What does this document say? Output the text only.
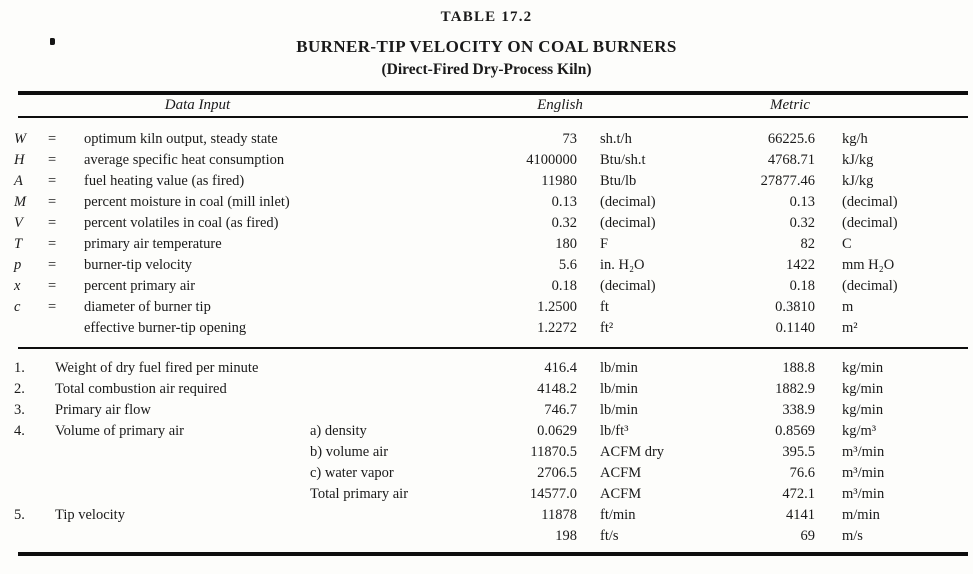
TABLE 17.2
BURNER-TIP VELOCITY ON COAL BURNERS
(Direct-Fired Dry-Process Kiln)
Data Input	English	Metric
W	=	optimum kiln output, steady state	73	sh.t/h	66225.6	kg/h
H	=	average specific heat consumption	4100000	Btu/sh.t	4768.71	kJ/kg
A	=	fuel heating value (as fired)	11980	Btu/lb	27877.46	kJ/kg
M	=	percent moisture in coal (mill inlet)	0.13	(decimal)	0.13	(decimal)
V	=	percent volatiles in coal (as fired)	0.32	(decimal)	0.32	(decimal)
T	=	primary air temperature	180	F	82	C
p	=	burner-tip velocity	5.6	in. H₂O	1422	mm H₂O
x	=	percent primary air	0.18	(decimal)	0.18	(decimal)
c	=	diameter of burner tip	1.2500	ft	0.3810	m
effective burner-tip opening	1.2272	ft²	0.1140	m²
1.	Weight of dry fuel fired per minute	416.4	lb/min	188.8	kg/min
2.	Total combustion air required	4148.2	lb/min	1882.9	kg/min
3.	Primary air flow	746.7	lb/min	338.9	kg/min
4.	Volume of primary air	a) density	0.0629	lb/ft³	0.8569	kg/m³
b) volume air	11870.5	ACFM dry	395.5	m³/min
c) water vapor	2706.5	ACFM	76.6	m³/min
Total primary air	14577.0	ACFM	472.1	m³/min
5.	Tip velocity	11878	ft/min	4141	m/min
198	ft/s	69	m/s
